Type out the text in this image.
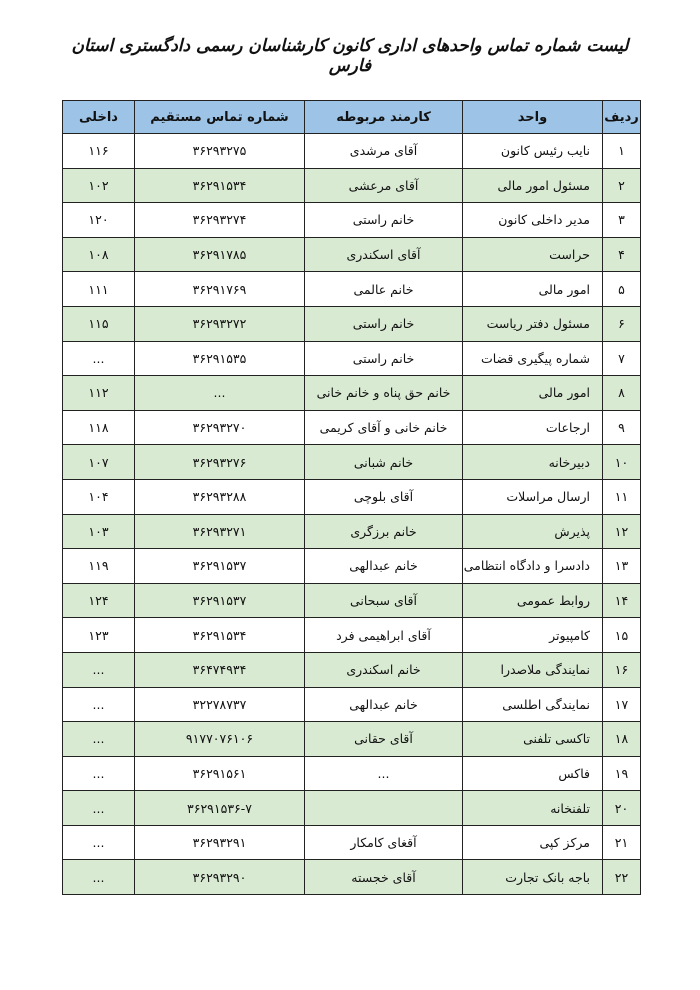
لیست شماره تماس واحدهای اداری کانون کارشناسان رسمی دادگستری استان فارس
ردیف	واحد	کارمند مربوطه	شماره تماس مستقیم	داخلی
۱	نایب رئیس کانون	آقای مرشدی	۳۶۲۹۳۲۷۵	۱۱۶
۲	مسئول امور مالی	آقای مرعشی	۳۶۲۹۱۵۳۴	۱۰۲
۳	مدیر داخلی کانون	خانم راستی	۳۶۲۹۳۲۷۴	۱۲۰
۴	حراست	آقای اسکندری	۳۶۲۹۱۷۸۵	۱۰۸
۵	امور مالی	خانم عالمی	۳۶۲۹۱۷۶۹	۱۱۱
۶	مسئول دفتر ریاست	خانم راستی	۳۶۲۹۳۲۷۲	۱۱۵
۷	شماره پیگیری قضات	خانم راستی	۳۶۲۹۱۵۳۵	...
۸	امور مالی	خانم حق پناه و خانم خانی	...	۱۱۲
۹	ارجاعات	خانم خانی و آقای کریمی	۳۶۲۹۳۲۷۰	۱۱۸
۱۰	دبیرخانه	خانم شبانی	۳۶۲۹۳۲۷۶	۱۰۷
۱۱	ارسال مراسلات	آقای بلوچی	۳۶۲۹۳۲۸۸	۱۰۴
۱۲	پذیرش	خانم برزگری	۳۶۲۹۳۲۷۱	۱۰۳
۱۳	دادسرا و دادگاه انتظامی	خانم عبدالهی	۳۶۲۹۱۵۳۷	۱۱۹
۱۴	روابط عمومی	آقای سبحانی	۳۶۲۹۱۵۳۷	۱۲۴
۱۵	کامپیوتر	آقای ابراهیمی فرد	۳۶۲۹۱۵۳۴	۱۲۳
۱۶	نمایندگی ملاصدرا	خانم اسکندری	۳۶۴۷۴۹۳۴	...
۱۷	نمایندگی اطلسی	خانم عبدالهی	۳۲۲۷۸۷۳۷	...
۱۸	تاکسی تلفنی	آقای حقانی	۹۱۷۷۰۷۶۱۰۶	...
۱۹	فاکس	...	۳۶۲۹۱۵۶۱	...
۲۰	تلفنخانه		۳۶۲۹۱۵۳۶-۷	...
۲۱	مرکز کپی	آقغای کامکار	۳۶۲۹۳۲۹۱	...
۲۲	باجه بانک تجارت	آقای خجسته	۳۶۲۹۳۲۹۰	...
